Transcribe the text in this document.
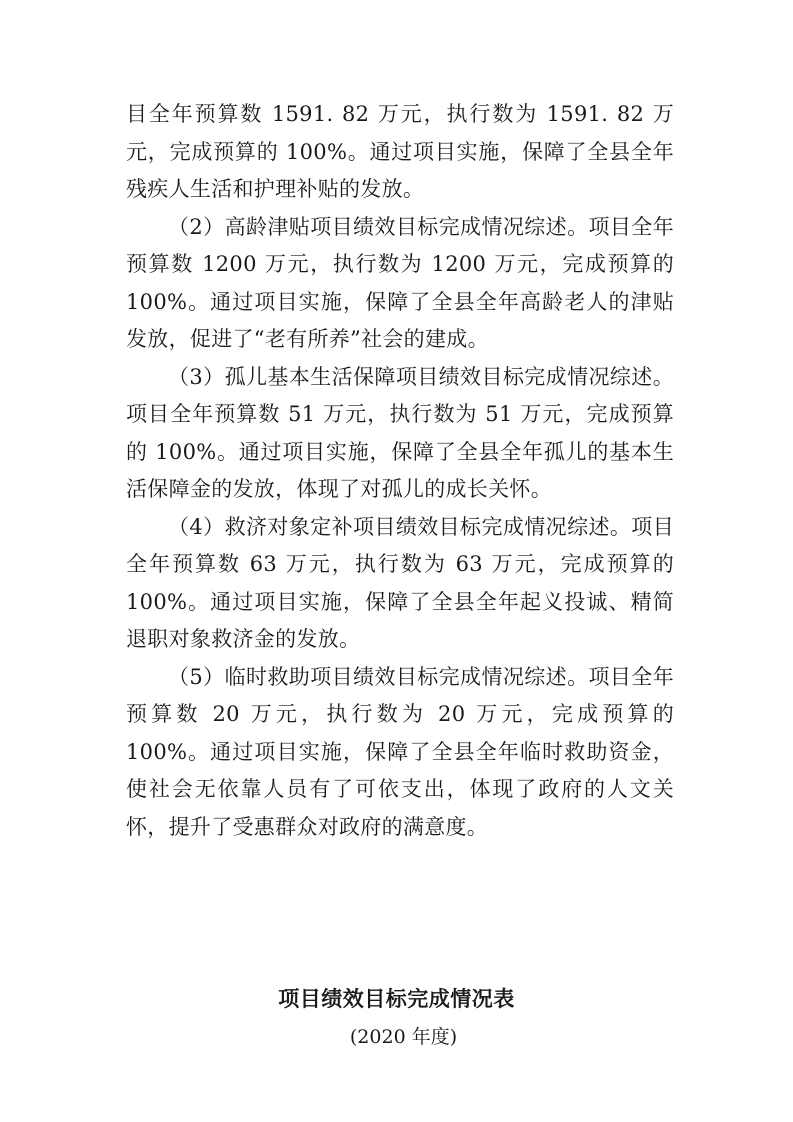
目全年预算数 1591. 82 万元，执行数为 1591. 82 万元，完成预算的 100%。通过项目实施，保障了全县全年残疾人生活和护理补贴的发放。

（2）高龄津贴项目绩效目标完成情况综述。项目全年预算数 1200 万元，执行数为 1200 万元，完成预算的 100%。通过项目实施，保障了全县全年高龄老人的津贴发放，促进了“老有所养”社会的建成。

（3）孤儿基本生活保障项目绩效目标完成情况综述。项目全年预算数 51 万元，执行数为 51 万元，完成预算的 100%。通过项目实施，保障了全县全年孤儿的基本生活保障金的发放，体现了对孤儿的成长关怀。

（4）救济对象定补项目绩效目标完成情况综述。项目全年预算数 63 万元，执行数为 63 万元，完成预算的 100%。通过项目实施，保障了全县全年起义投诚、精简退职对象救济金的发放。

（5）临时救助项目绩效目标完成情况综述。项目全年预算数 20 万元，执行数为 20 万元，完成预算的 100%。通过项目实施，保障了全县全年临时救助资金，使社会无依靠人员有了可依支出，体现了政府的人文关怀，提升了受惠群众对政府的满意度。

项目绩效目标完成情况表

(2020 年度)
